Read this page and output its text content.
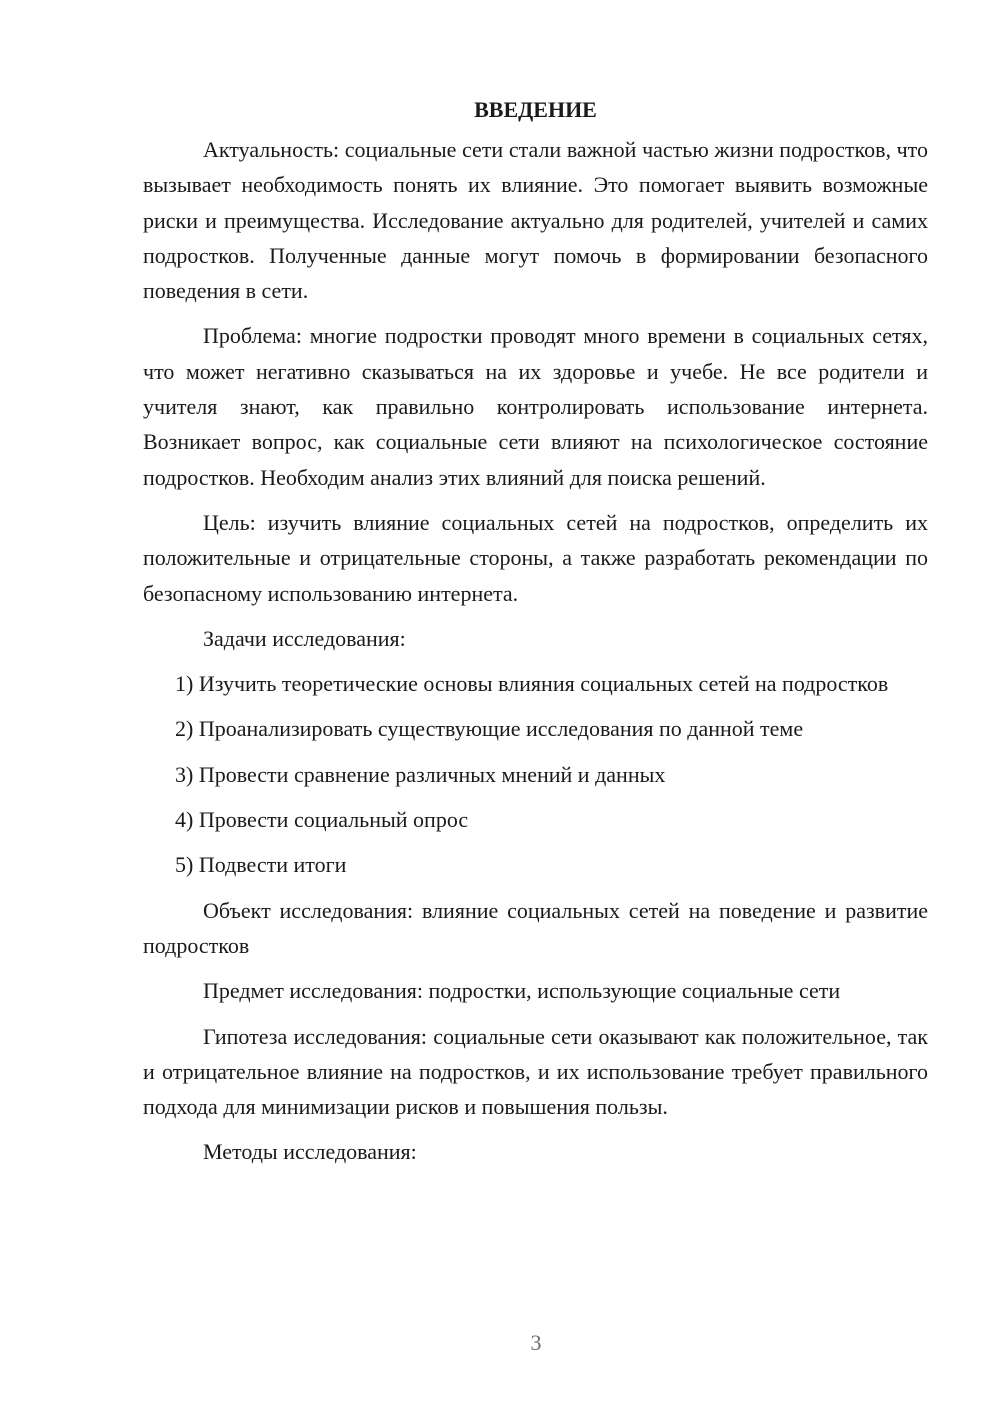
ВВЕДЕНИЕ

Актуальность: социальные сети стали важной частью жизни подростков, что вызывает необходимость понять их влияние. Это помогает выявить возможные риски и преимущества. Исследование актуально для родителей, учителей и самих подростков. Полученные данные могут помочь в формировании безопасного поведения в сети.

Проблема: многие подростки проводят много времени в социальных сетях, что может негативно сказываться на их здоровье и учебе. Не все родители и учителя знают, как правильно контролировать использование интернета. Возникает вопрос, как социальные сети влияют на психологическое состояние подростков. Необходим анализ этих влияний для поиска решений.

Цель: изучить влияние социальных сетей на подростков, определить их положительные и отрицательные стороны, а также разработать рекомендации по безопасному использованию интернета.

Задачи исследования:

1) Изучить теоретические основы влияния социальных сетей на подростков

2) Проанализировать существующие исследования по данной теме

3) Провести сравнение различных мнений и данных

4) Провести социальный опрос

5) Подвести итоги

Объект исследования: влияние социальных сетей на поведение и развитие подростков

Предмет исследования: подростки, использующие социальные сети

Гипотеза исследования: социальные сети оказывают как положительное, так и отрицательное влияние на подростков, и их использование требует правильного подхода для минимизации рисков и повышения пользы.

Методы исследования:

3
